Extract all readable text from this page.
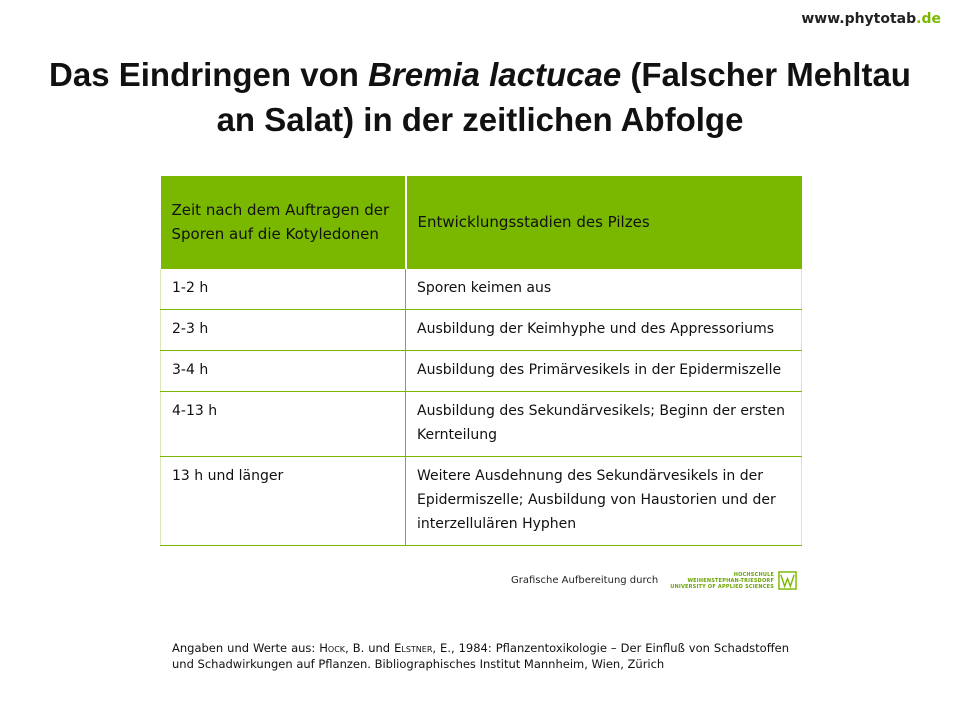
www.phytotab.de
Das Eindringen von Bremia lactucae (Falscher Mehltau an Salat) in der zeitlichen Abfolge
Zeit nach dem Auftragen der Sporen auf die Kotyledonen	Entwicklungsstadien des Pilzes
1-2 h	Sporen keimen aus
2-3 h	Ausbildung der Keimhyphe und des Appressoriums
3-4 h	Ausbildung des Primärvesikels in der Epidermiszelle
4-13 h	Ausbildung des Sekundärvesikels; Beginn der ersten Kernteilung
13 h und länger	Weitere Ausdehnung des Sekundärvesikels in der Epidermiszelle; Ausbildung von Haustorien und der interzellulären Hyphen
Grafische Aufbereitung durch
HOCHSCHULE
WEIHENSTEPHAN-TRIESDORF
UNIVERSITY OF APPLIED SCIENCES

Angaben und Werte aus: Hock, B. und Elstner, E., 1984: Pflanzentoxikologie – Der Einfluß von Schadstoffen und Schadwirkungen auf Pflanzen. Bibliographisches Institut Mannheim, Wien, Zürich
